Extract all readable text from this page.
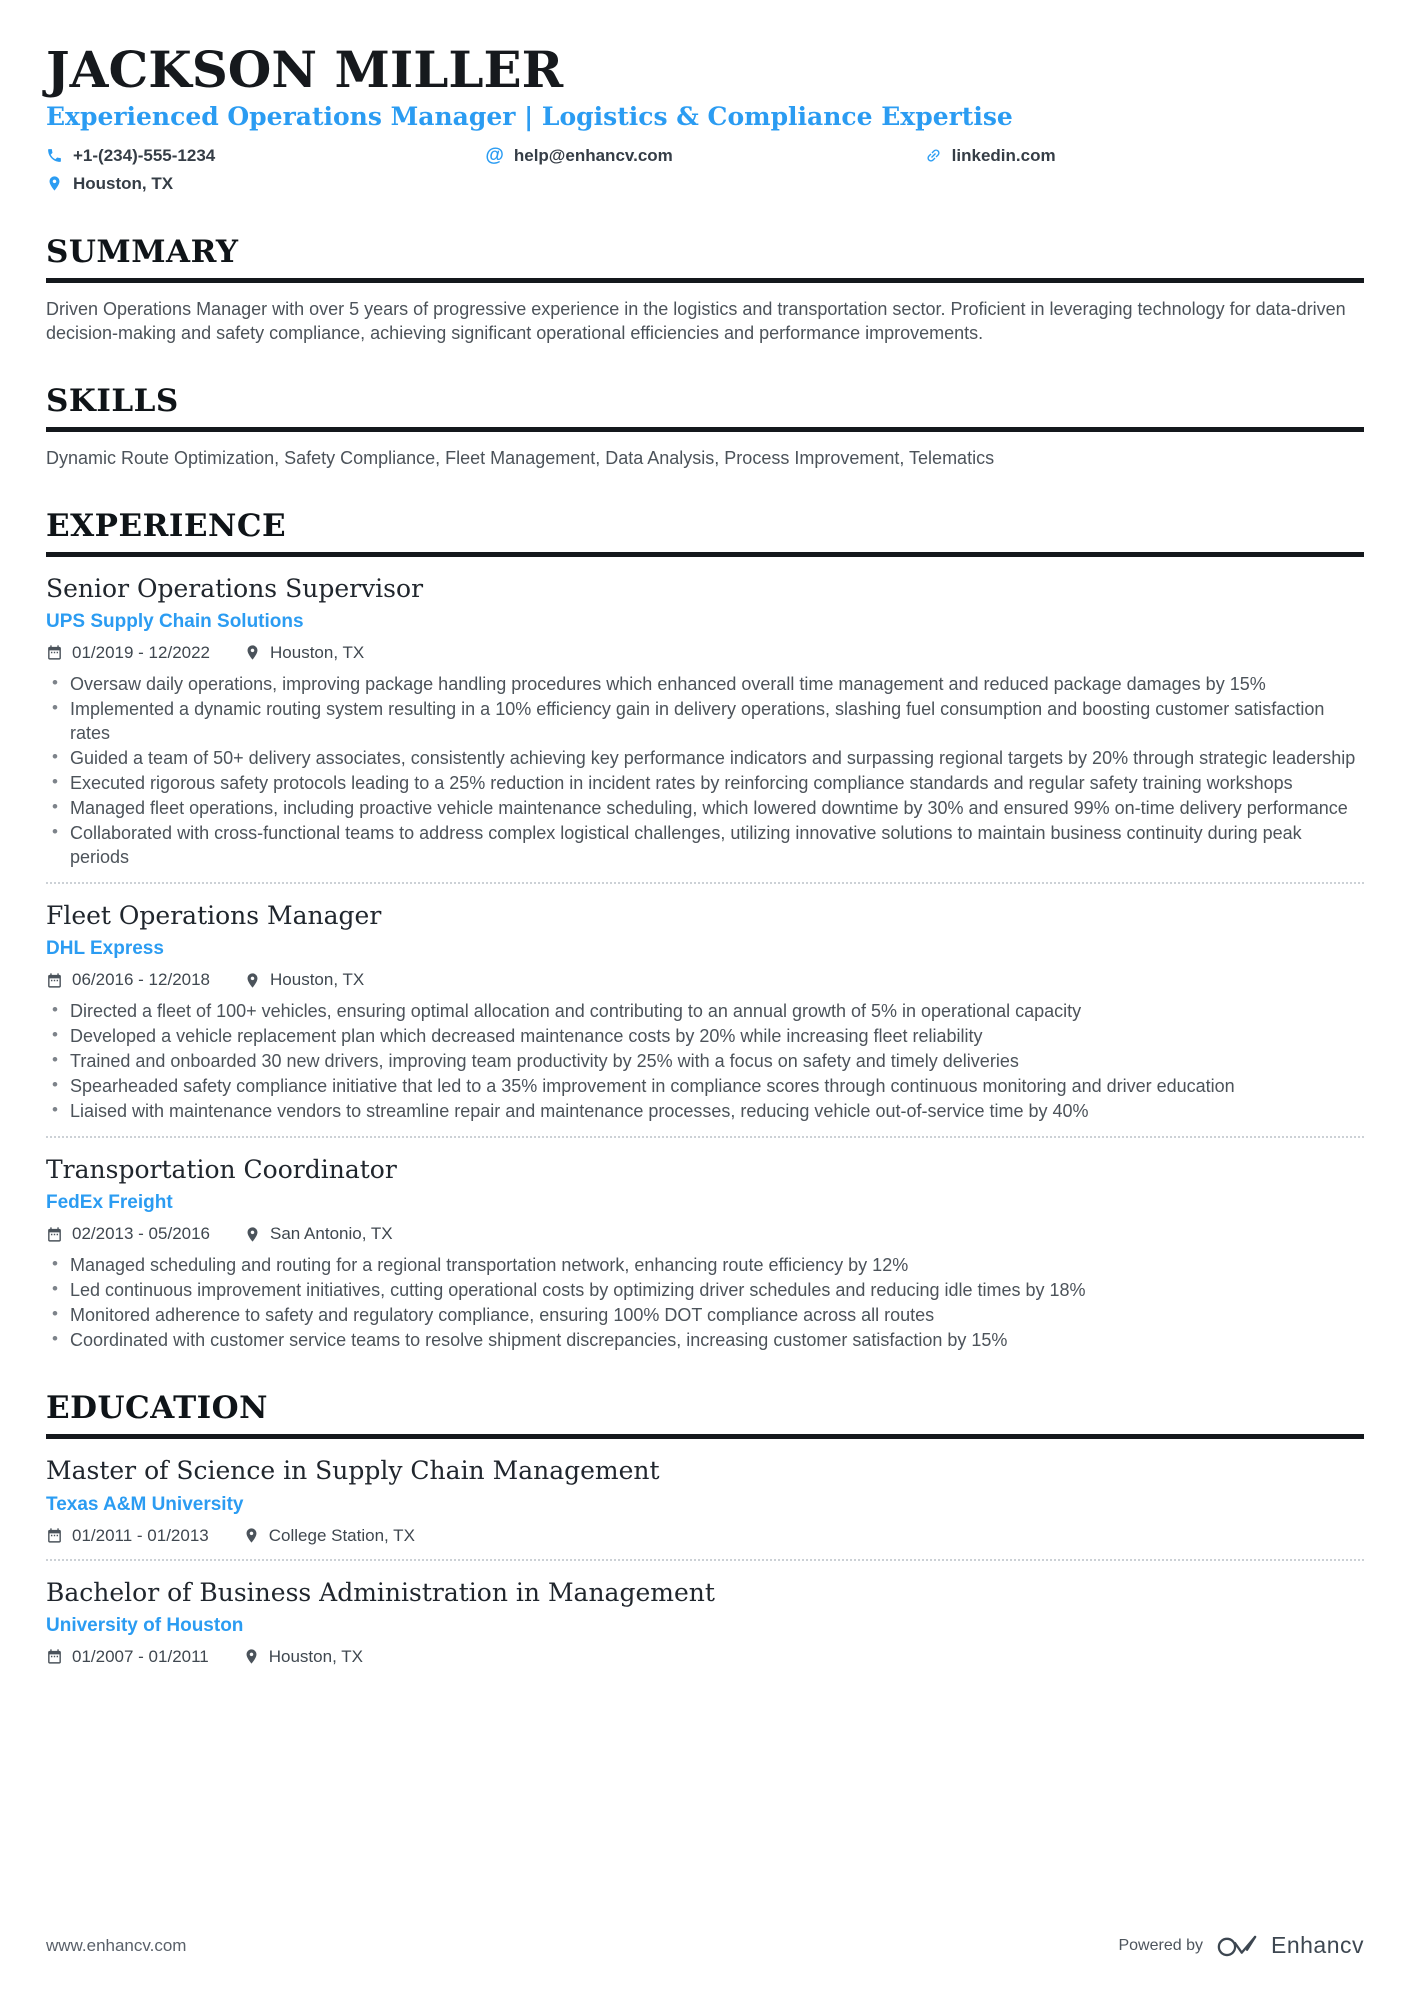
JACKSON MILLER
Experienced Operations Manager | Logistics & Compliance Expertise
+1-(234)-555-1234	@ help@enhancv.com	linkedin.com
Houston, TX
SUMMARY

Driven Operations Manager with over 5 years of progressive experience in the logistics and transportation sector. Proficient in leveraging technology for data-driven decision-making and safety compliance, achieving significant operational efficiencies and performance improvements.

SKILLS

Dynamic Route Optimization, Safety Compliance, Fleet Management, Data Analysis, Process Improvement, Telematics

EXPERIENCE
Senior Operations Supervisor
UPS Supply Chain Solutions
01/2019 - 12/2022	Houston, TX
• Oversaw daily operations, improving package handling procedures which enhanced overall time management and reduced package damages by 15%
• Implemented a dynamic routing system resulting in a 10% efficiency gain in delivery operations, slashing fuel consumption and boosting customer satisfaction rates
• Guided a team of 50+ delivery associates, consistently achieving key performance indicators and surpassing regional targets by 20% through strategic leadership
• Executed rigorous safety protocols leading to a 25% reduction in incident rates by reinforcing compliance standards and regular safety training workshops
• Managed fleet operations, including proactive vehicle maintenance scheduling, which lowered downtime by 30% and ensured 99% on-time delivery performance
• Collaborated with cross-functional teams to address complex logistical challenges, utilizing innovative solutions to maintain business continuity during peak periods
Fleet Operations Manager
DHL Express
06/2016 - 12/2018	Houston, TX
• Directed a fleet of 100+ vehicles, ensuring optimal allocation and contributing to an annual growth of 5% in operational capacity
• Developed a vehicle replacement plan which decreased maintenance costs by 20% while increasing fleet reliability
• Trained and onboarded 30 new drivers, improving team productivity by 25% with a focus on safety and timely deliveries
• Spearheaded safety compliance initiative that led to a 35% improvement in compliance scores through continuous monitoring and driver education
• Liaised with maintenance vendors to streamline repair and maintenance processes, reducing vehicle out-of-service time by 40%
Transportation Coordinator
FedEx Freight
02/2013 - 05/2016	San Antonio, TX
• Managed scheduling and routing for a regional transportation network, enhancing route efficiency by 12%
• Led continuous improvement initiatives, cutting operational costs by optimizing driver schedules and reducing idle times by 18%
• Monitored adherence to safety and regulatory compliance, ensuring 100% DOT compliance across all routes
• Coordinated with customer service teams to resolve shipment discrepancies, increasing customer satisfaction by 15%
EDUCATION
Master of Science in Supply Chain Management
Texas A&M University
01/2011 - 01/2013	College Station, TX
Bachelor of Business Administration in Management
University of Houston
01/2007 - 01/2011	Houston, TX
www.enhancv.com	Powered by	Enhancv
